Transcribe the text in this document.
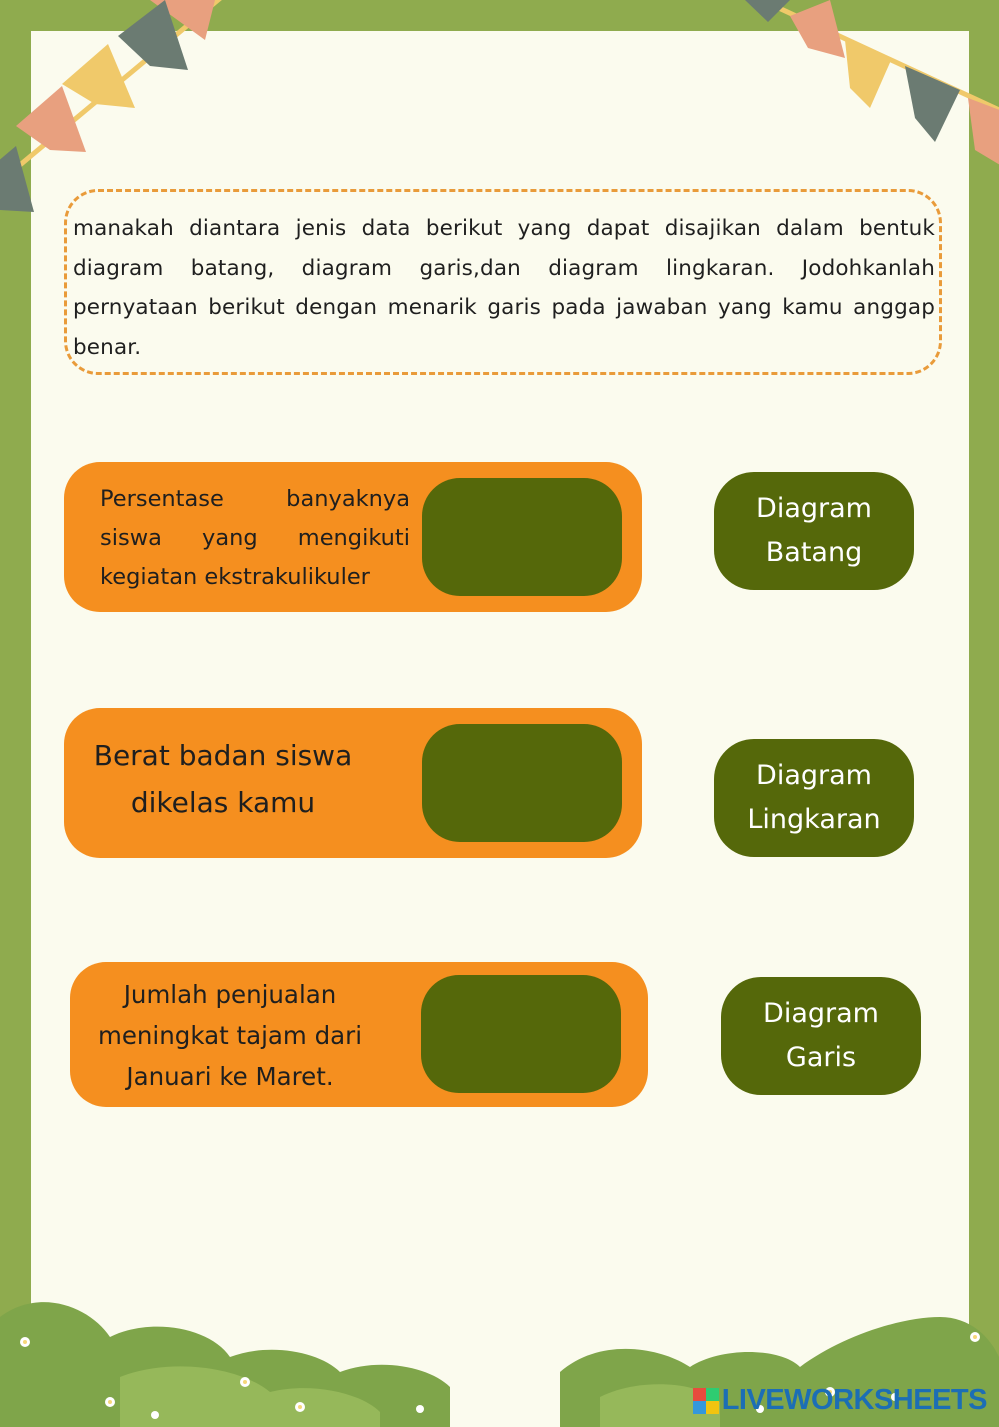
manakah diantara jenis data berikut yang dapat disajikan dalam bentuk diagram batang, diagram garis,dan diagram lingkaran. Jodohkanlah pernyataan berikut dengan menarik garis pada jawaban yang kamu anggap benar.

Persentase banyaknya siswa yang mengikuti kegiatan ekstrakulikuler
Berat badan siswa dikelas kamu
Jumlah penjualan meningkat tajam dari Januari ke Maret.
Diagram
Batang
Diagram
Lingkaran
Diagram
Garis
LIVEWORKSHEETS
